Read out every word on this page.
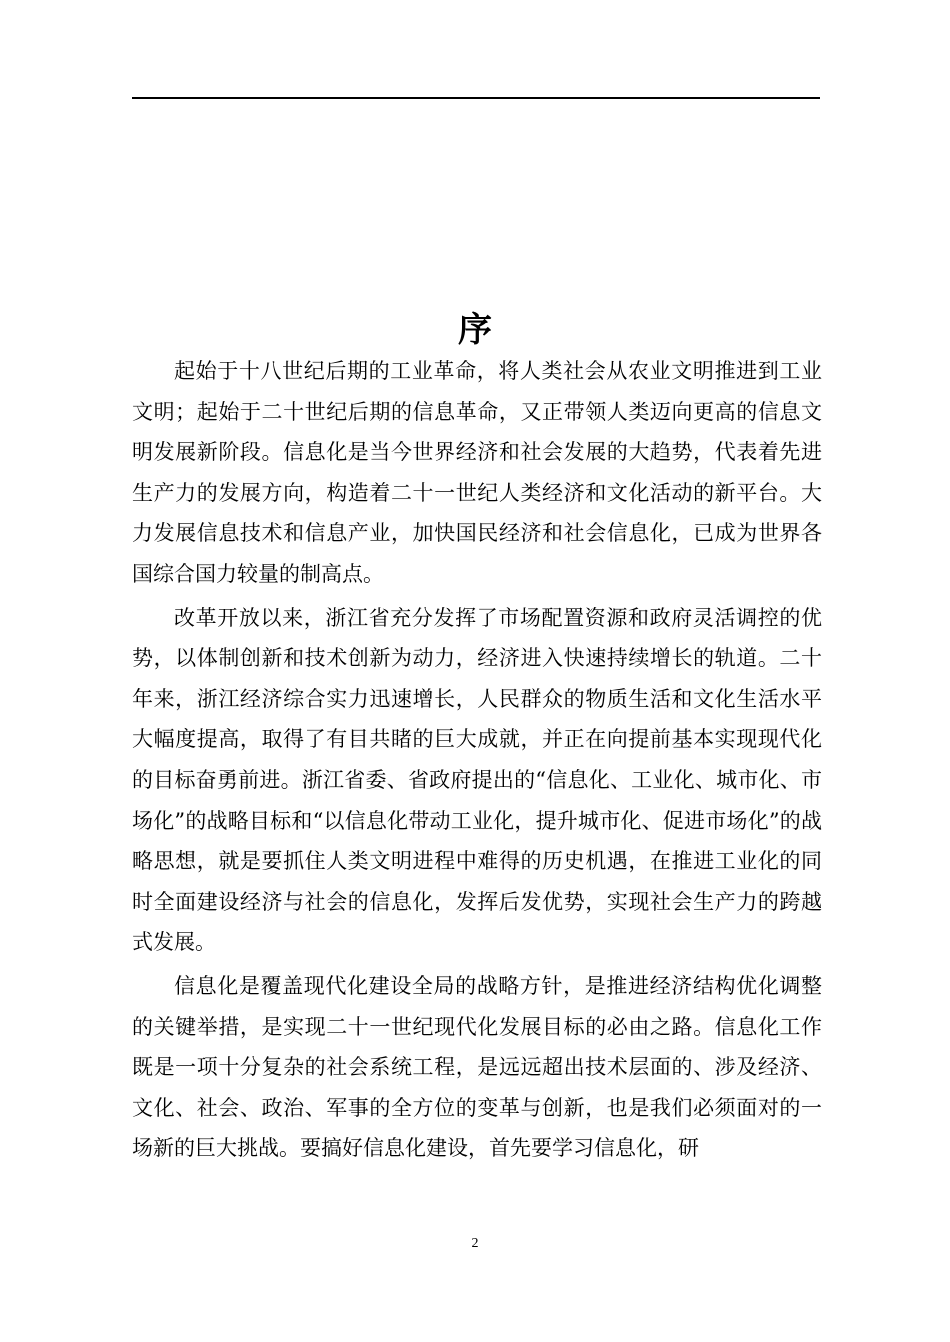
序

起始于十八世纪后期的工业革命，将人类社会从农业文明推进到工业文明；起始于二十世纪后期的信息革命，又正带领人类迈向更高的信息文明发展新阶段。信息化是当今世界经济和社会发展的大趋势，代表着先进生产力的发展方向，构造着二十一世纪人类经济和文化活动的新平台。大力发展信息技术和信息产业，加快国民经济和社会信息化，已成为世界各国综合国力较量的制高点。

改革开放以来，浙江省充分发挥了市场配置资源和政府灵活调控的优势，以体制创新和技术创新为动力，经济进入快速持续增长的轨道。二十年来，浙江经济综合实力迅速增长，人民群众的物质生活和文化生活水平大幅度提高，取得了有目共睹的巨大成就，并正在向提前基本实现现代化的目标奋勇前进。浙江省委、省政府提出的“信息化、工业化、城市化、市场化”的战略目标和“以信息化带动工业化，提升城市化、促进市场化”的战略思想，就是要抓住人类文明进程中难得的历史机遇，在推进工业化的同时全面建设经济与社会的信息化，发挥后发优势，实现社会生产力的跨越式发展。

信息化是覆盖现代化建设全局的战略方针，是推进经济结构优化调整的关键举措，是实现二十一世纪现代化发展目标的必由之路。信息化工作既是一项十分复杂的社会系统工程，是远远超出技术层面的、涉及经济、文化、社会、政治、军事的全方位的变革与创新，也是我们必须面对的一场新的巨大挑战。要搞好信息化建设，首先要学习信息化，研

2
